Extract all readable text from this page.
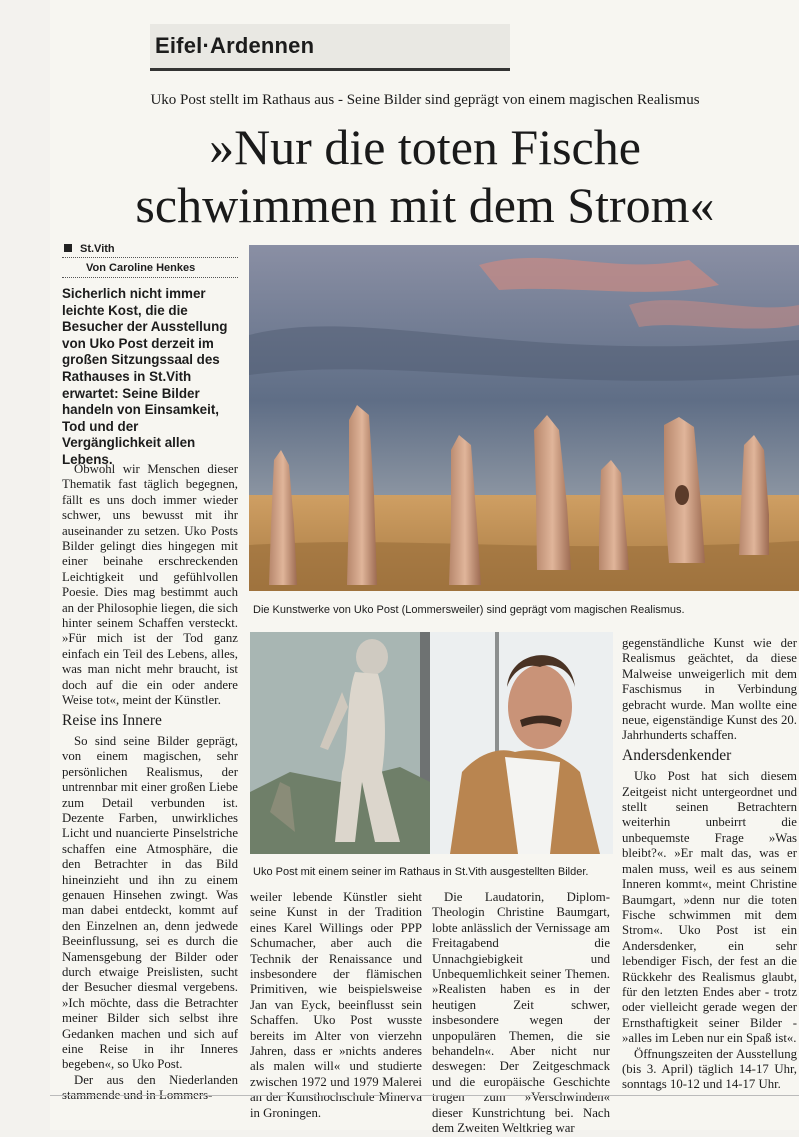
Eifel·Ardennen

Uko Post stellt im Rathaus aus - Seine Bilder sind geprägt von einem magischen Realismus

»Nur die toten Fische
schwimmen mit dem Strom«
St.Vith
Von Caroline Henkes

Sicherlich nicht immer leichte Kost, die die Besucher der Ausstellung von Uko Post derzeit im großen Sitzungssaal des Rathauses in St.Vith erwartet: Seine Bilder handeln von Einsamkeit, Tod und der Vergänglichkeit allen Lebens.

Obwohl wir Menschen dieser Thematik fast täglich begegnen, fällt es uns doch immer wieder schwer, uns bewusst mit ihr auseinander zu setzen. Uko Posts Bilder gelingt dies hingegen mit einer beinahe erschreckenden Leichtigkeit und gefühlvollen Poesie. Dies mag bestimmt auch an der Philosophie liegen, die sich hinter seinem Schaffen versteckt. »Für mich ist der Tod ganz einfach ein Teil des Lebens, alles, was man nicht mehr braucht, ist doch auf die ein oder andere Weise tot«, meint der Künstler.

Reise ins Innere

So sind seine Bilder geprägt, von einem magischen, sehr persönlichen Realismus, der untrennbar mit einer großen Liebe zum Detail verbunden ist. Dezente Farben, unwirkliches Licht und nuancierte Pinselstriche schaffen eine Atmosphäre, die den Betrachter in das Bild hineinzieht und ihn zu einem genauen Hinsehen zwingt. Was man dabei entdeckt, kommt auf den Einzelnen an, denn jedwede Beeinflussung, sei es durch die Namensgebung der Bilder oder durch etwaige Preislisten, sucht der Besucher diesmal vergebens. »Ich möchte, dass die Betrachter meiner Bilder sich selbst ihre Gedanken machen und sich auf eine Reise in ihr Inneres begeben«, so Uko Post.

Der aus den Niederlanden stammende und in Lommers-

Die Kunstwerke von Uko Post (Lommersweiler) sind geprägt vom magischen Realismus.

Uko Post mit einem seiner im Rathaus in St.Vith ausgestellten Bilder.

weiler lebende Künstler sieht seine Kunst in der Tradition eines Karel Willings oder PPP Schumacher, aber auch die Technik der Renaissance und insbesondere der flämischen Primitiven, wie beispielsweise Jan van Eyck, beeinflusst sein Schaffen. Uko Post wusste bereits im Alter von vierzehn Jahren, dass er »nichts anderes als malen will« und studierte zwischen 1972 und 1979 Malerei an der Kunsthochschule Minerva in Groningen.

Die Laudatorin, Diplom-Theologin Christine Baumgart, lobte anlässlich der Vernissage am Freitagabend die Unnachgiebigkeit und Unbequemlichkeit seiner Themen. »Realisten haben es in der heutigen Zeit schwer, insbesondere wegen der unpopulären Themen, die sie behandeln«. Aber nicht nur deswegen: Der Zeitgeschmack und die europäische Geschichte trugen zum »Verschwinden« dieser Kunstrichtung bei. Nach dem Zweiten Weltkrieg war

gegenständliche Kunst wie der Realismus geächtet, da diese Malweise unweigerlich mit dem Faschismus in Verbindung gebracht wurde. Man wollte eine neue, eigenständige Kunst des 20. Jahrhunderts schaffen.

Andersdenkender

Uko Post hat sich diesem Zeitgeist nicht untergeordnet und stellt seinen Betrachtern weiterhin unbeirrt die unbequemste Frage »Was bleibt?«. »Er malt das, was er malen muss, weil es aus seinem Inneren kommt«, meint Christine Baumgart, »denn nur die toten Fische schwimmen mit dem Strom«. Uko Post ist ein Andersdenker, ein sehr lebendiger Fisch, der fest an die Rückkehr des Realismus glaubt, für den letzten Endes aber - trotz oder vielleicht gerade wegen der Ernsthaftigkeit seiner Bilder - »alles im Leben nur ein Spaß ist«.

Öffnungszeiten der Ausstellung (bis 3. April) täglich 14-17 Uhr, sonntags 10-12 und 14-17 Uhr.
